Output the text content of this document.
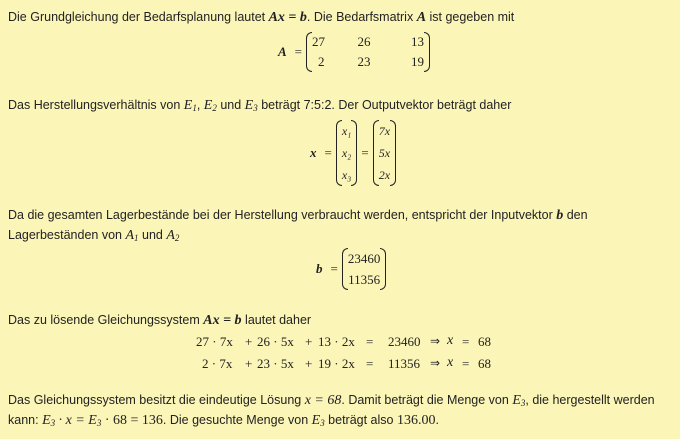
Die Grundgleichung der Bedarfsplanung lautet Ax = b. Die Bedarfsmatrix A ist gegeben mit
A =
27	26	13
2	23	19
Das Herstellungsverhältnis von $E_1$, $E_2$ und $E_3$ beträgt 7:5:2. Der Outputvektor beträgt daher
x =
x₁
x₂
x₃
=
7x
5x
2x
Da die gesamten Lagerbestände bei der Herstellung verbraucht werden, entspricht der Inputvektor b den
Lagerbeständen von $A_1$ und $A_2$
b =
23460
11356
Das zu lösende Gleichungssystem Ax = b lautet daher
27 · 7x + 26 · 5x + 13 · 2x = 23460 ⇒ x = 68
2 · 7x + 23 · 5x + 19 · 2x = 11356 ⇒ x = 68
Das Gleichungssystem besitzt die eindeutige Lösung x = 68. Damit beträgt die Menge von $E_3$, die hergestellt werden
kann: $E_3 \cdot x = E_3 \cdot 68 = 136$. Die gesuchte Menge von $E_3$ beträgt also 136.00.
